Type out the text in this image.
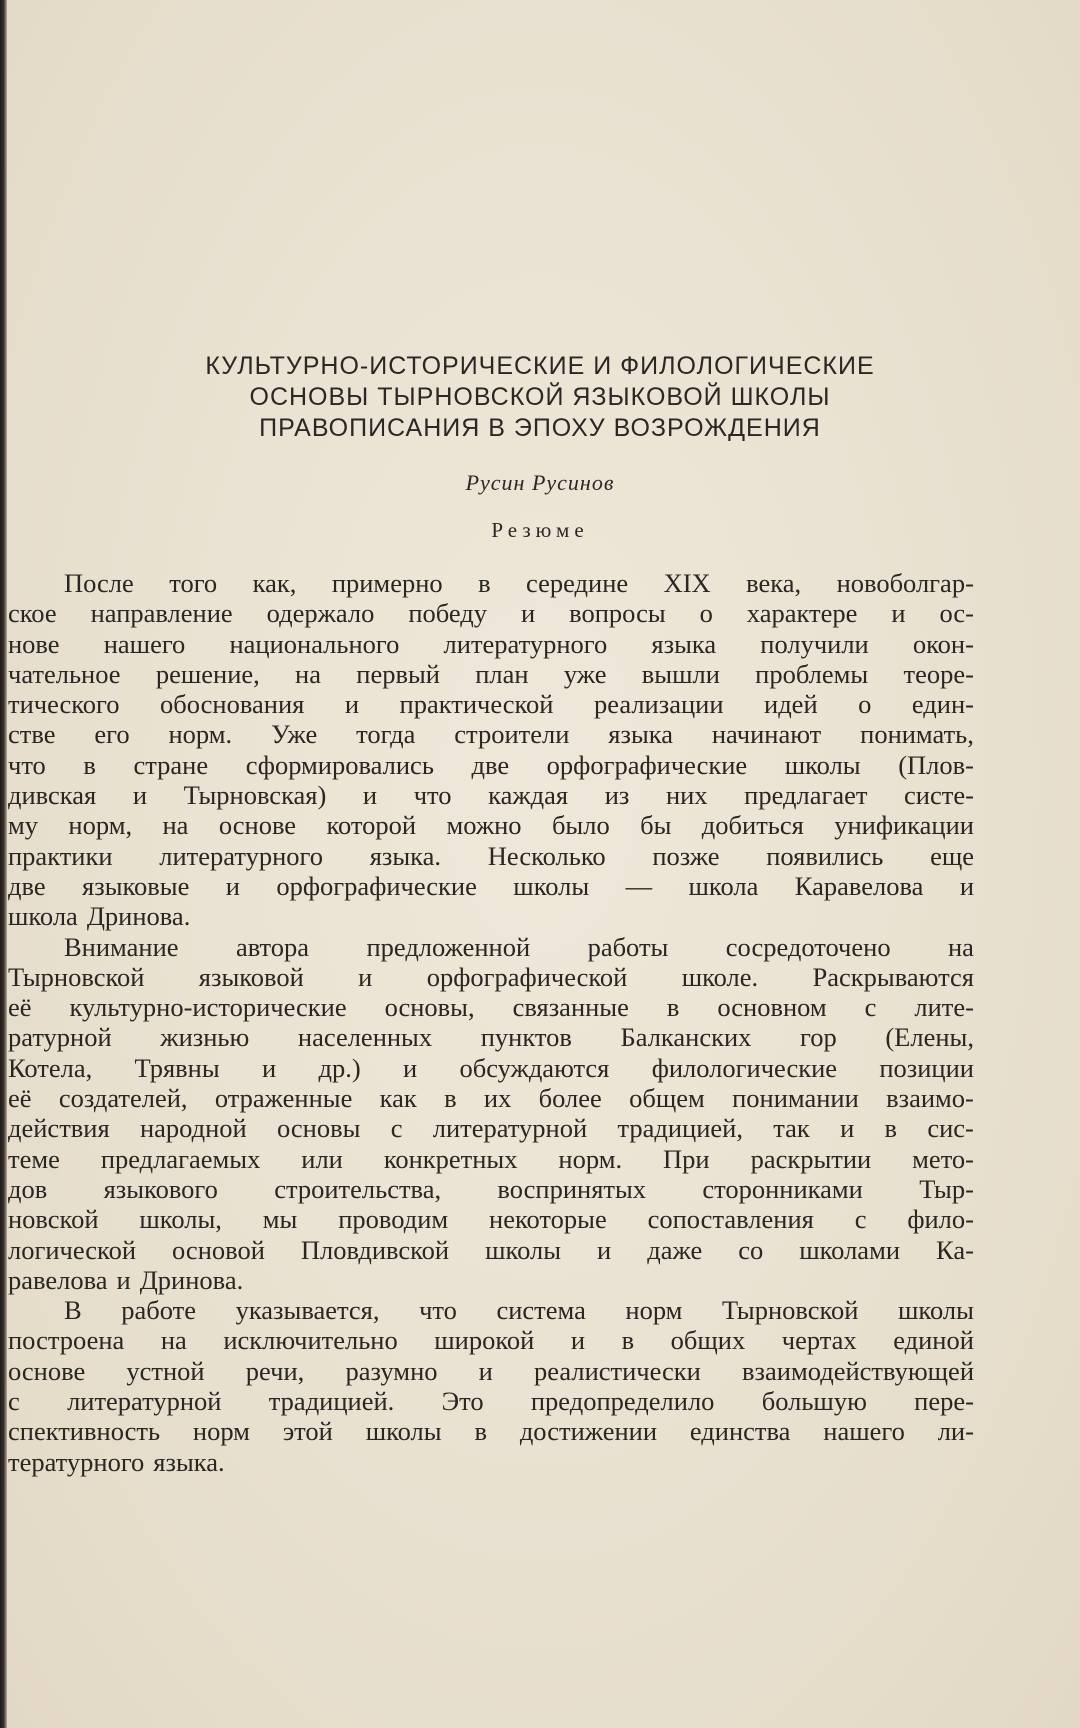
КУЛЬТУРНО-ИСТОРИЧЕСКИЕ И ФИЛОЛОГИЧЕСКИЕ
ОСНОВЫ ТЫРНОВСКОЙ ЯЗЫКОВОЙ ШКОЛЫ
ПРАВОПИСАНИЯ В ЭПОХУ ВОЗРОЖДЕНИЯ
Русин Русинов
Резюме
После того как, примерно в середине XIX века, новоболгар-
ское направление одержало победу и вопросы о характере и ос-
нове нашего национального литературного языка получили окон-
чательное решение, на первый план уже вышли проблемы теоре-
тического обоснования и практической реализации идей о един-
стве его норм. Уже тогда строители языка начинают понимать,
что в стране сформировались две орфографические школы (Плов-
дивская и Тырновская) и что каждая из них предлагает систе-
му норм, на основе которой можно было бы добиться унификации
практики литературного языка. Несколько позже появились еще
две языковые и орфографические школы — школа Каравелова и
школа Дринова.
Внимание автора предложенной работы сосредоточено на
Тырновской языковой и орфографической школе. Раскрываются
её культурно-исторические основы, связанные в основном с лите-
ратурной жизнью населенных пунктов Балканских гор (Елены,
Котела, Трявны и др.) и обсуждаются филологические позиции
её создателей, отраженные как в их более общем понимании взаимо-
действия народной основы с литературной традицией, так и в сис-
теме предлагаемых или конкретных норм. При раскрытии мето-
дов языкового строительства, воспринятых сторонниками Тыр-
новской школы, мы проводим некоторые сопоставления с фило-
логической основой Пловдивской школы и даже со школами Ка-
равелова и Дринова.
В работе указывается, что система норм Тырновской школы
построена на исключительно широкой и в общих чертах единой
основе устной речи, разумно и реалистически взаимодействующей
с литературной традицией. Это предопределило большую пере-
спективность норм этой школы в достижении единства нашего ли-
тературного языка.
